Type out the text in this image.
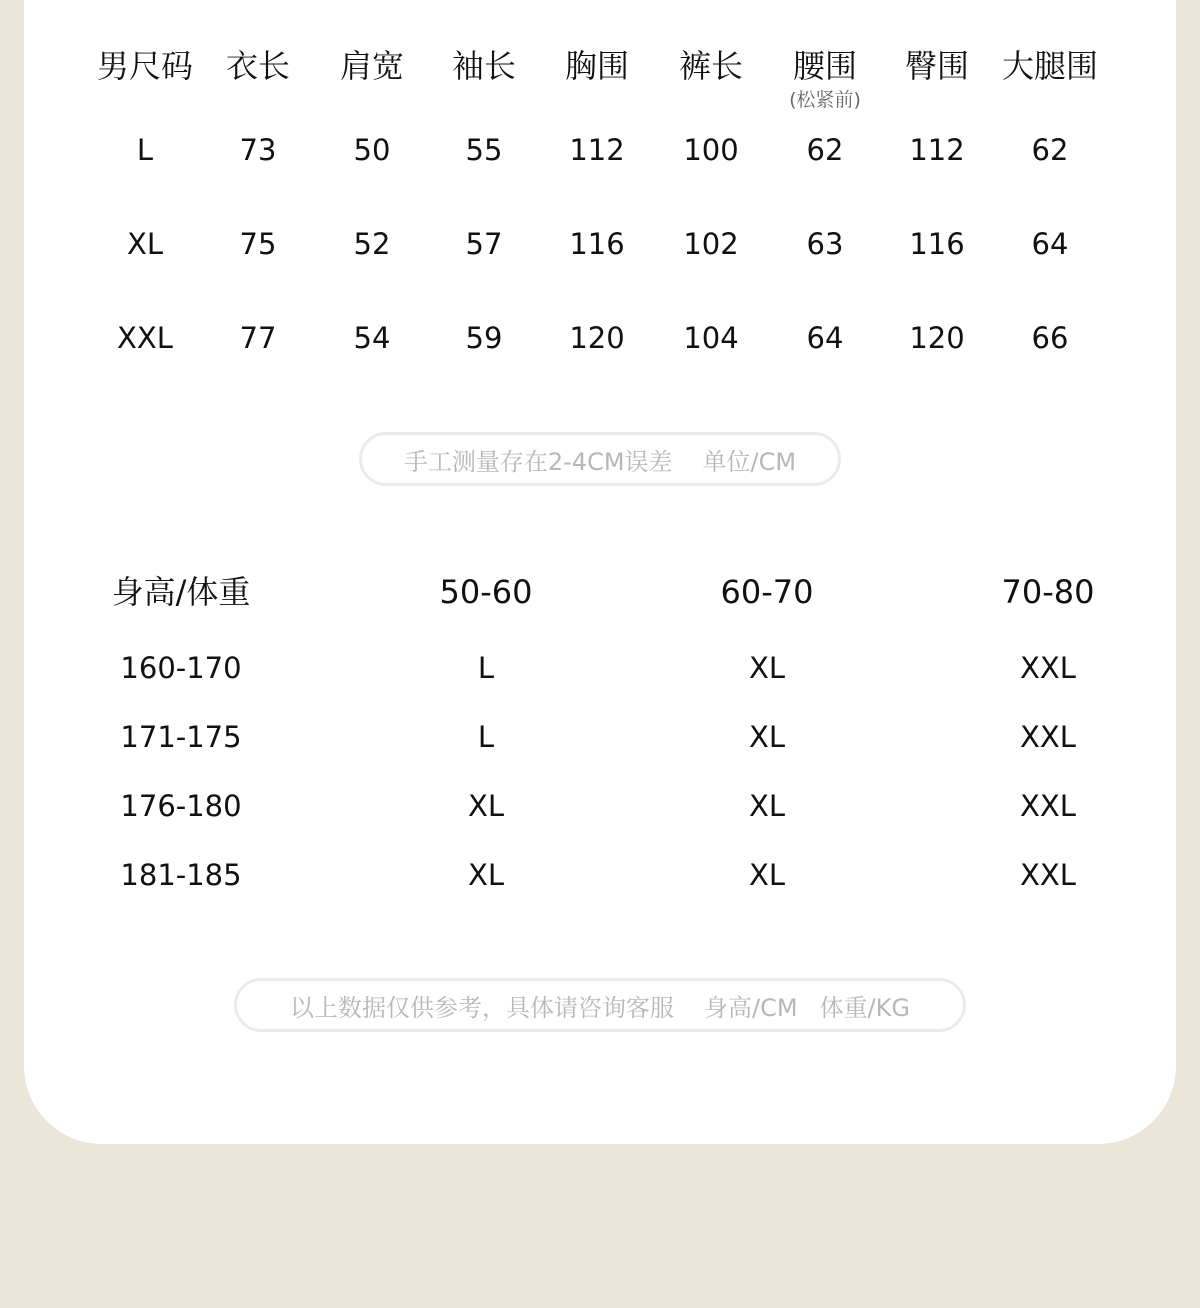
男尺码 衣长 肩宽 袖长 胸围 裤长 腰围 臀围 大腿围
(松紧前)
L	73	50	55 112 100 62 112 62
XL	75	52	57 116 102 63 116 64
XXL 77	54	59 120 104 64 120 66
手工测量存在2-4CM误差 单位/CM
身高/体重	50-60	60-70	70-80
160-170	L	XL	XXL
171-175	L	XL	XXL
176-180	XL	XL	XXL
181-185	XL	XL	XXL
以上数据仅供参考，具体请咨询客服 身高/CM 体重/KG
